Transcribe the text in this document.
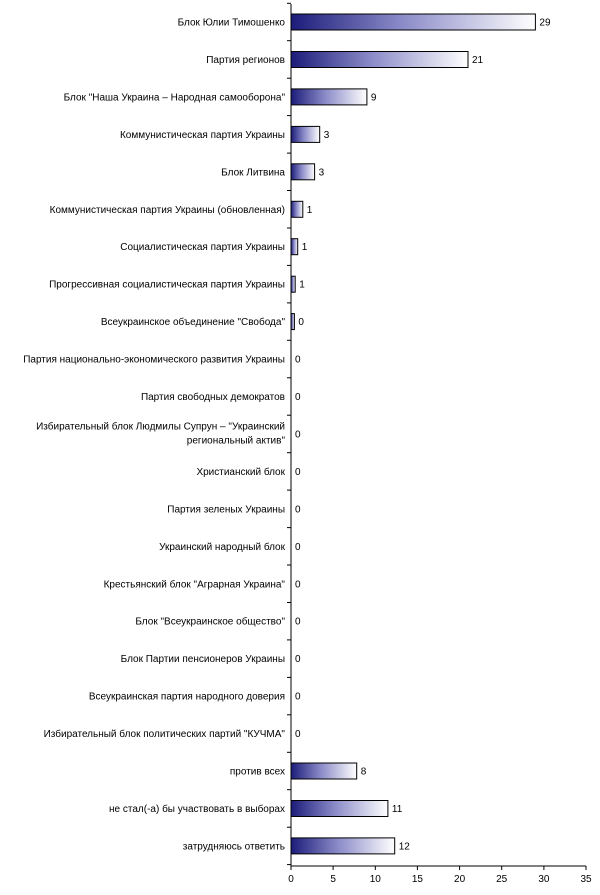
Блок Юлии Тимошенко
Партия регионов
Блок "Наша Украина – Народная самооборона"
Коммунистическая партия Украины
Блок Литвина
Коммунистическая партия Украины (обновленная)
Социалистическая партия Украины
Прогрессивная социалистическая партия Украины
Всеукраинское объединение "Свобода"
Партия национально-экономического развития Украины
Партия свободных демократов
Избирательный блок Людмилы Супрун – "Украинский региональный актив"
Христианский блок
Партия зеленых Украины
Украинский народный блок
Крестьянский блок "Аграрная Украина"
Блок "Всеукраинское общество"
Блок Партии пенсионеров Украины
Всеукраинская партия народного доверия
Избирательный блок политических партий "КУЧМА"
против всех
не стал(-а) бы участвовать в выборах
затрудняюсь ответить
29
21
9
3
3
1
1
1
0
0
0
0
0
0
0
0
0
0
0
0
8
11
12
0	5	10	15	20	25	30	35
